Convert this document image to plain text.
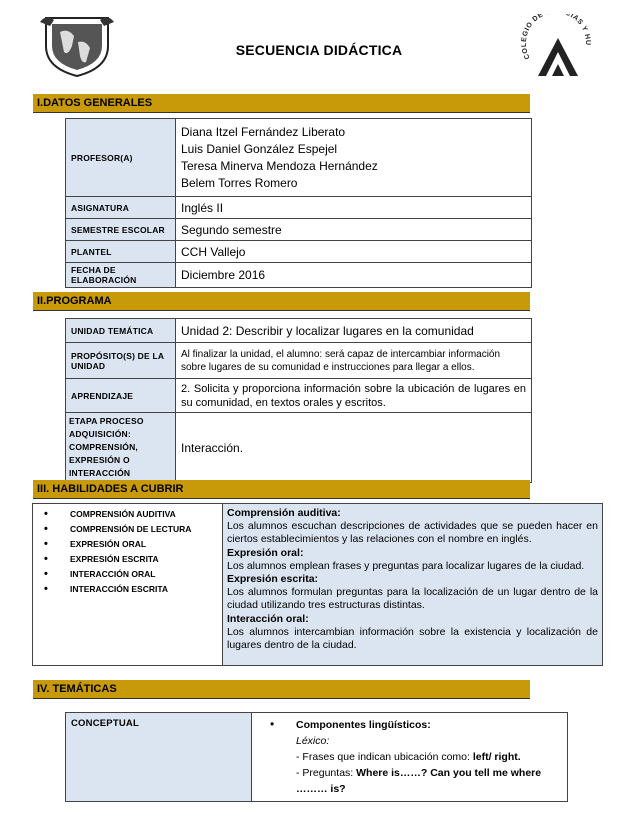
SECUENCIA DIDÁCTICA	COLEGIO DE CIAS Y HU
I.DATOS GENERALES
PROFESOR(A)	Diana Itzel Fernández Liberato

Luis Daniel González Espejel

Teresa Minerva Mendoza Hernández

Belem Torres Romero

ASIGNATURA	Inglés II
SEMESTRE ESCOLAR	Segundo semestre
PLANTEL	CCH Vallejo
FECHA DE ELABORACIÓN	Diciembre 2016
II.PROGRAMA
UNIDAD TEMÁTICA	Unidad 2: Describir y localizar lugares en la comunidad
PROPÓSITO(S) DE LA UNIDAD	Al finalizar la unidad, el alumno: será capaz de intercambiar información sobre lugares de su comunidad e instrucciones para llegar a ellos.
APRENDIZAJE	2. Solicita y proporciona información sobre la ubicación de lugares en su comunidad, en textos orales y escritos.

ETAPA PROCESO
ADQUISICIÓN:
COMPRENSIÓN,
EXPRESIÓN O INTERACCIÓN	Interacción.
III. HABILIDADES A CUBRIR
• COMPRENSIÓN AUDITIVA
• COMPRENSIÓN DE LECTURA
• EXPRESIÓN ORAL
• EXPRESIÓN ESCRITA
• INTERACCIÓN ORAL
• INTERACCIÓN ESCRITA

Comprensión auditiva:
Los alumnos escuchan descripciones de actividades que se pueden hacer en ciertos establecimientos y las relaciones con el nombre en inglés.
Expresión oral:
Los alumnos emplean frases y preguntas para localizar lugares de la ciudad.
Expresión escrita:
Los alumnos formulan preguntas para la localización de un lugar dentro de la ciudad utilizando tres estructuras distintas.
Interacción oral:
Los alumnos intercambian información sobre la existencia y localización de lugares dentro de la ciudad.
IV. TEMÁTICAS
CONCEPTUAL	• Componentes lingüísticos:
Léxico:
- Frases que indican ubicación como: left/ right.
- Preguntas: Where is……? Can you tell me where ……… is?
